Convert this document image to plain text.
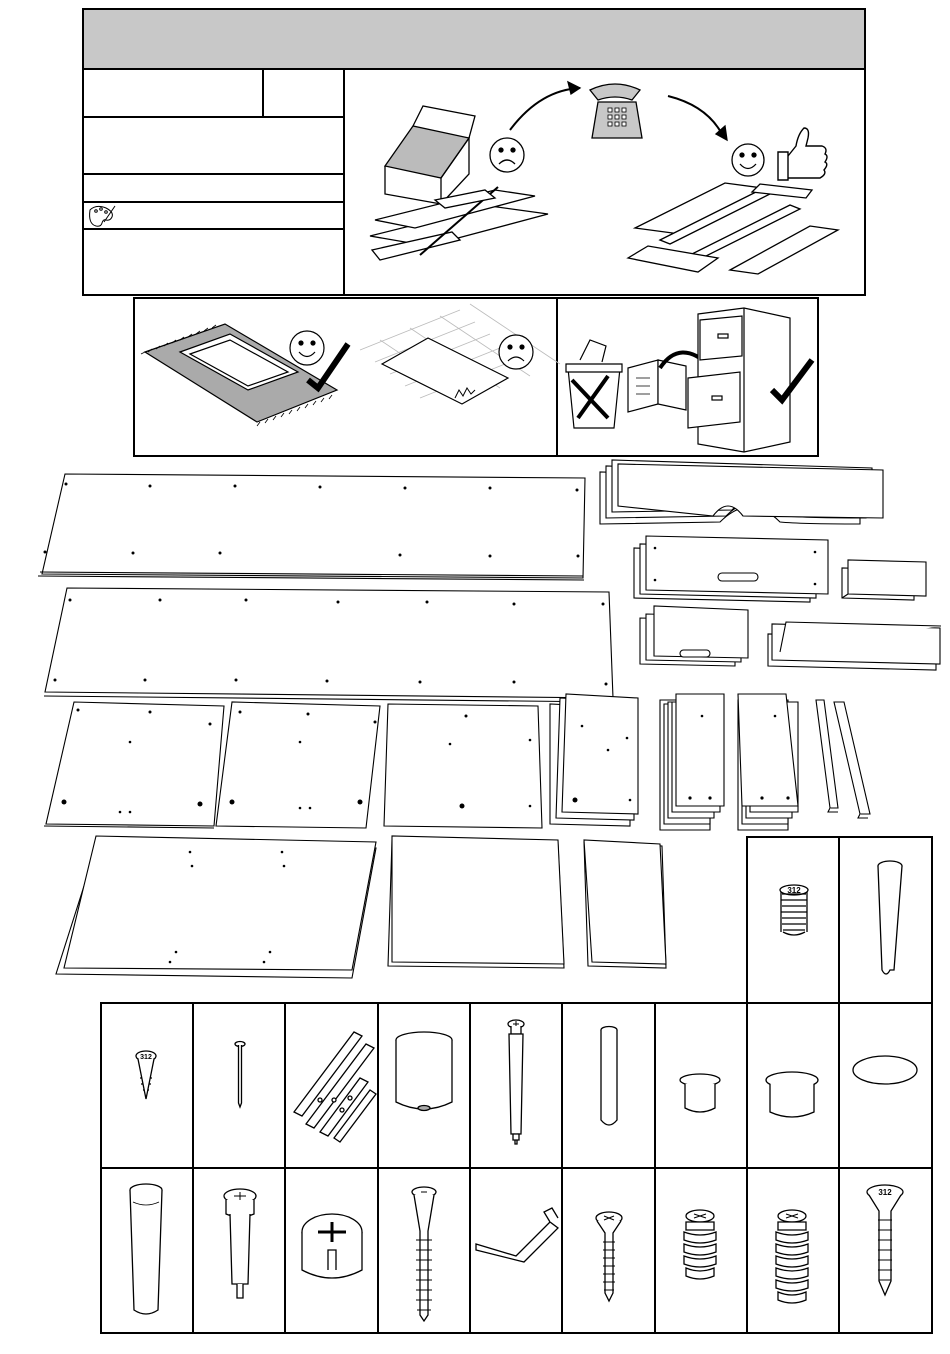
312
312
312
